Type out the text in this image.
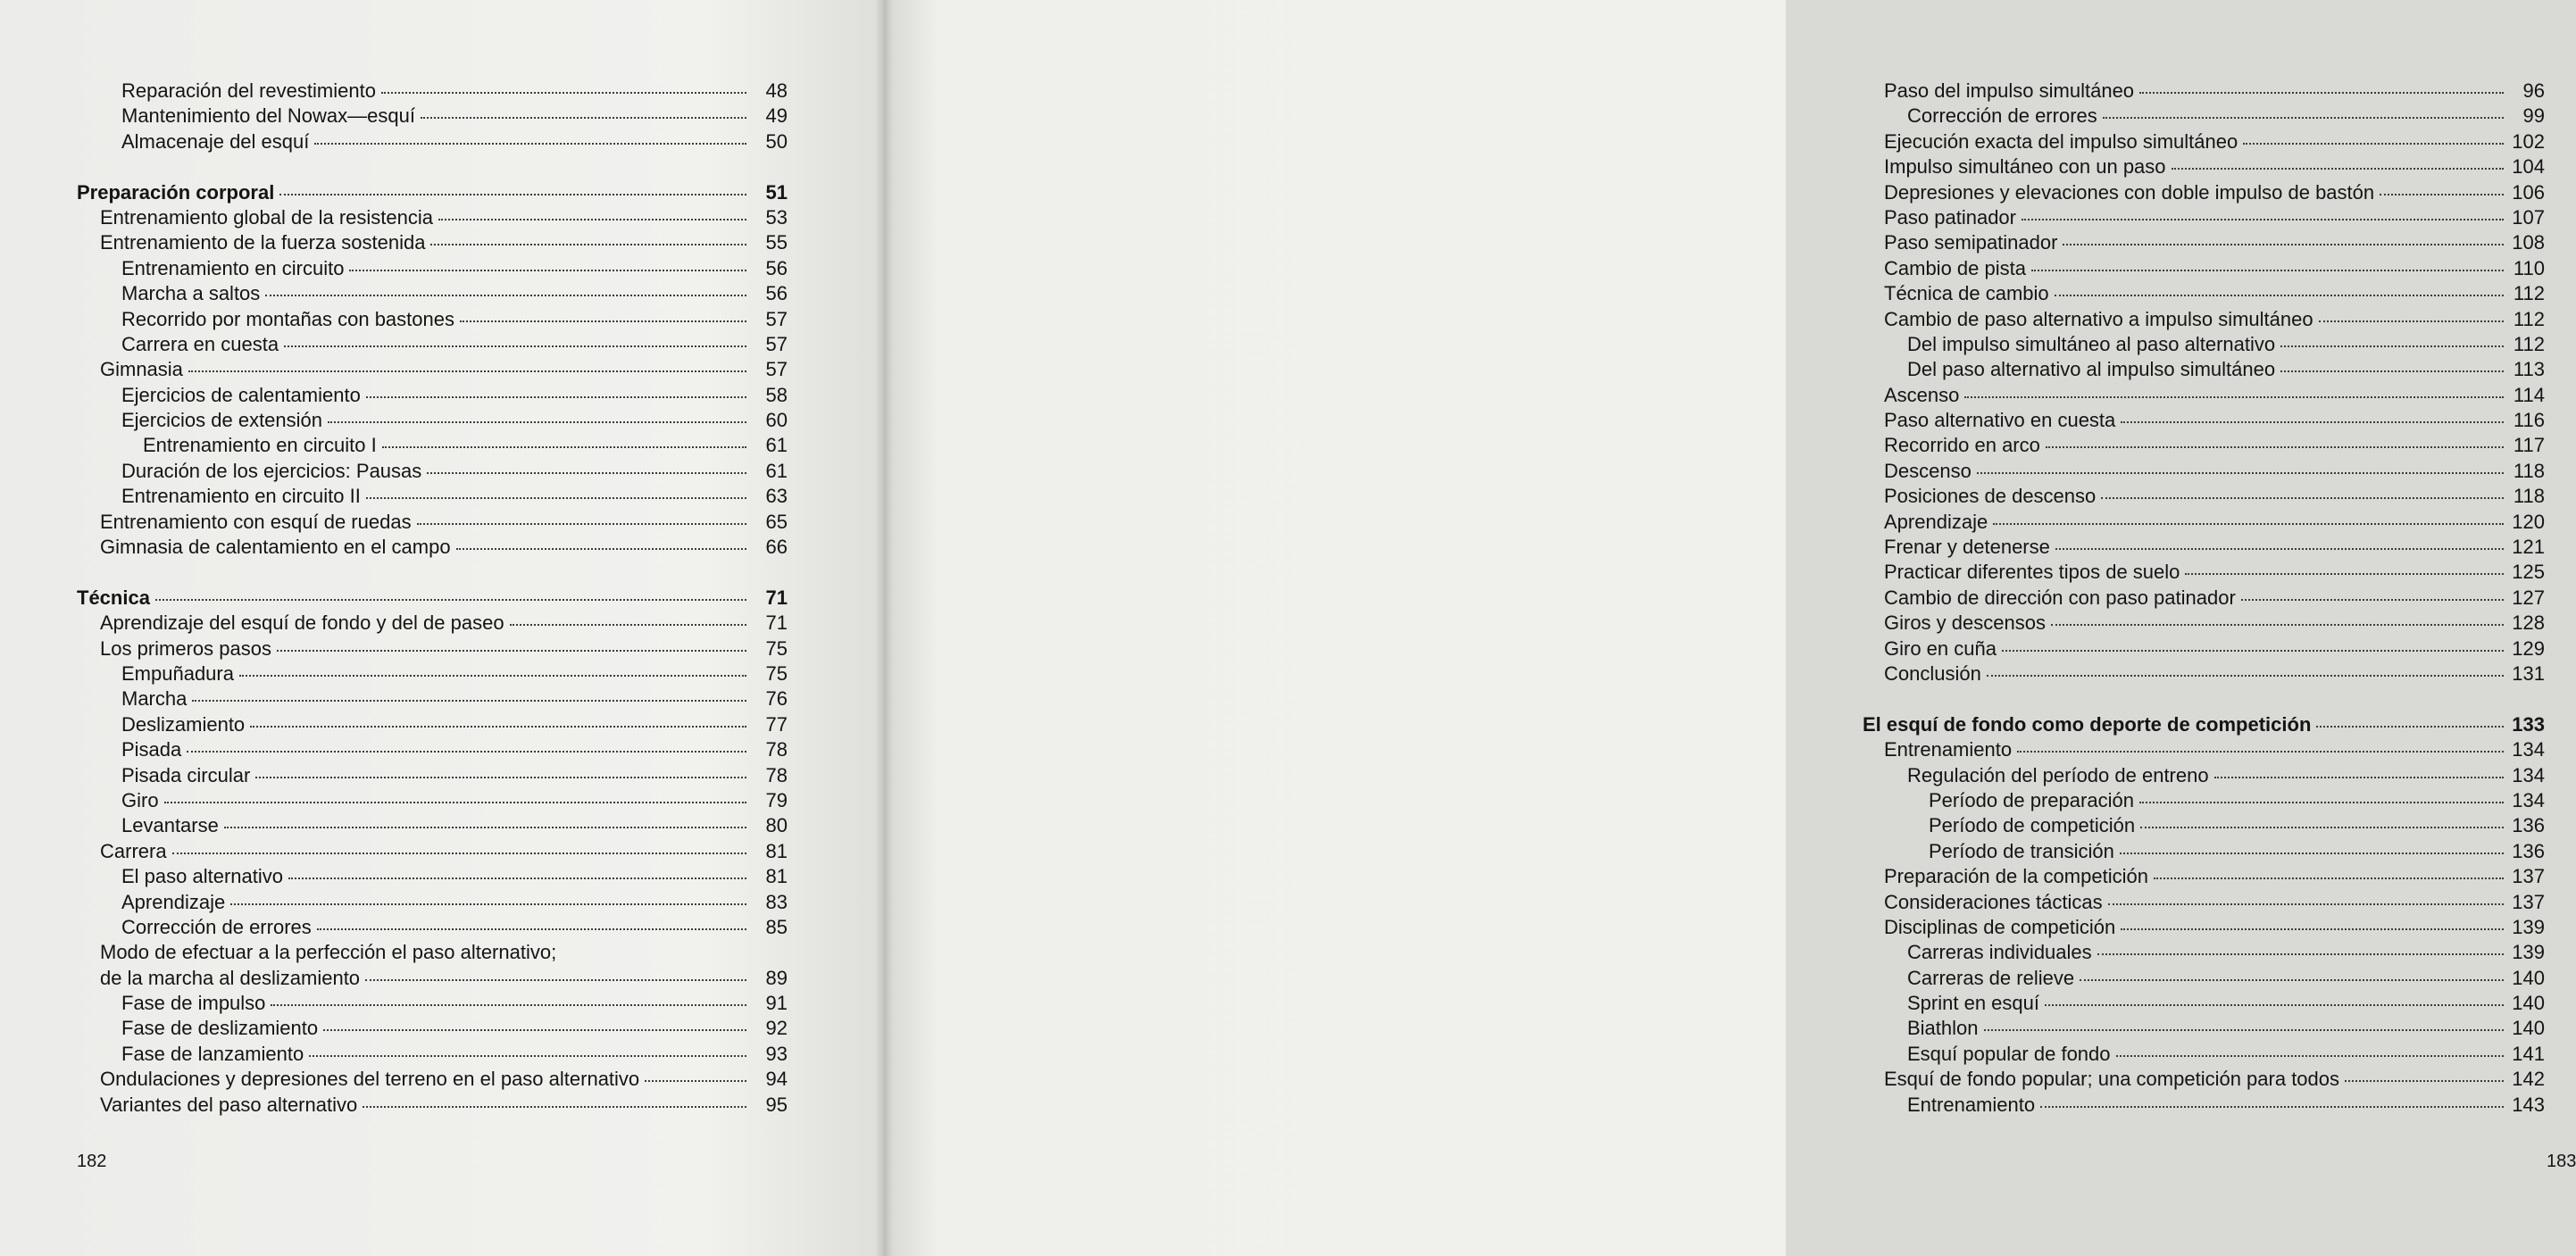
Reparación del revestimiento	48
Mantenimiento del Nowax—esquí	49
Almacenaje del esquí	50
Preparación corporal	51
Entrenamiento global de la resistencia	53
Entrenamiento de la fuerza sostenida	55
Entrenamiento en circuito	56
Marcha a saltos	56
Recorrido por montañas con bastones	57
Carrera en cuesta	57
Gimnasia	57
Ejercicios de calentamiento	58
Ejercicios de extensión	60
Entrenamiento en circuito I	61
Duración de los ejercicios: Pausas	61
Entrenamiento en circuito II	63
Entrenamiento con esquí de ruedas	65
Gimnasia de calentamiento en el campo	66
Técnica	71
Aprendizaje del esquí de fondo y del de paseo	71
Los primeros pasos	75
Empuñadura	75
Marcha	76
Deslizamiento	77
Pisada	78
Pisada circular	78
Giro	79
Levantarse	80
Carrera	81
El paso alternativo	81
Aprendizaje	83
Corrección de errores	85
Modo de efectuar a la perfección el paso alternativo;
de la marcha al deslizamiento	89
Fase de impulso	91
Fase de deslizamiento	92
Fase de lanzamiento	93
Ondulaciones y depresiones del terreno en el paso alternativo	94
Variantes del paso alternativo	95
182
Paso del impulso simultáneo	96
Corrección de errores	99
Ejecución exacta del impulso simultáneo	102
Impulso simultáneo con un paso	104
Depresiones y elevaciones con doble impulso de bastón	106
Paso patinador	107
Paso semipatinador	108
Cambio de pista	110
Técnica de cambio	112
Cambio de paso alternativo a impulso simultáneo	112
Del impulso simultáneo al paso alternativo	112
Del paso alternativo al impulso simultáneo	113
Ascenso	114
Paso alternativo en cuesta	116
Recorrido en arco	117
Descenso	118
Posiciones de descenso	118
Aprendizaje	120
Frenar y detenerse	121
Practicar diferentes tipos de suelo	125
Cambio de dirección con paso patinador	127
Giros y descensos	128
Giro en cuña	129
Conclusión	131
El esquí de fondo como deporte de competición	133
Entrenamiento	134
Regulación del período de entreno	134
Período de preparación	134
Período de competición	136
Período de transición	136
Preparación de la competición	137
Consideraciones tácticas	137
Disciplinas de competición	139
Carreras individuales	139
Carreras de relieve	140
Sprint en esquí	140
Biathlon	140
Esquí popular de fondo	141
Esquí de fondo popular; una competición para todos	142
Entrenamiento	143
183
